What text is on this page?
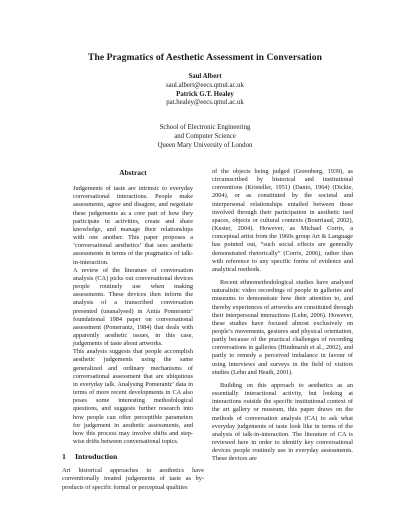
The Pragmatics of Aesthetic Assessment in Conversation
Saul Albert
saul.albert@eecs.qmul.ac.uk
Patrick G.T. Healey
pat.healey@eecs.qmul.ac.uk
School of Electronic Engineering
and Computer Science
Queen Mary University of London
Abstract

Judgements of taste are intrinsic to everyday conversational interactions. People make assessments, agree and disagree, and negotiate these judgements as a core part of how they participate in activities, create and share knowledge, and manage their relationships with one another. This paper proposes a ‘conversational aesthetics’ that sees aesthetic assessments in terms of the pragmatics of talk-in-interaction.

A review of the literature of conversation analysis (CA) picks out conversational devices people routinely use when making assessments. These devices then inform the analysis of a transcribed conversation presented (unanalysed) in Anita Pomerantz’ foundational 1984 paper on conversational assessment (Pomerantz, 1984) that deals with apparently aesthetic issues, in this case, judgements of taste about artworks.

This analysis suggests that people accomplish aesthetic judgements using the same generalized and ordinary mechanisms of conversational assessment that are ubiquitous in everyday talk. Analysing Pomerantz’ data in terms of more recent developments in CA also poses some interesting methodological questions, and suggests further research into how people can offer perceptible parameters for judgement in aesthetic assessments, and how this process may involve shifts and step-wise drifts between conversational topics.

1 Introduction

Art historical approaches to aesthetics have conventionally treated judgements of taste as by-products of specific formal or perceptual qualities

of the objects being judged (Greenberg, 1939), as circumscribed by historical and institutional conventions (Kristeller, 1951) (Danto, 1964) (Dickie, 2004), or as constituted by the societal and interpersonal relationships entailed between those involved through their participation in aesthetic ised spaces, objects or cultural contexts (Bourriaud, 2002), (Kester, 2004). However, as Michael Corris, a conceptual artist from the 1960s group Art & Language has pointed out, “such social effects are generally demonstrated rhetorically” (Corris, 2006), rather than with reference to any specific forms of evidence and analytical methods.

Recent ethnomethodological studies have analysed naturalistic video recordings of people in galleries and museums to demonstrate how their attention to, and thereby experiences of artworks are constituted through their interpersonal interactions (Lehn, 2006). However, these studies have focused almost exclusively on people’s movements, gestures and physical orientation, partly because of the practical challenges of recording conversations in galleries (Hindmarsh et al., 2002), and partly to remedy a perceived imbalance in favour of using interviews and surveys in the field of visitors studies (Lehn and Heath, 2001).

Building on this approach to aesthetics as an essentially interactional activity, but looking at interactions outside the specific institutional context of the art gallery or museum, this paper draws on the methods of conversation analysis (CA) to ask what everyday judgements of taste look like in terms of the analysis of talk-in-interaction. The literature of CA is reviewed here in order to identify key conversational devices people routinely use in everyday assessments. These devices are
